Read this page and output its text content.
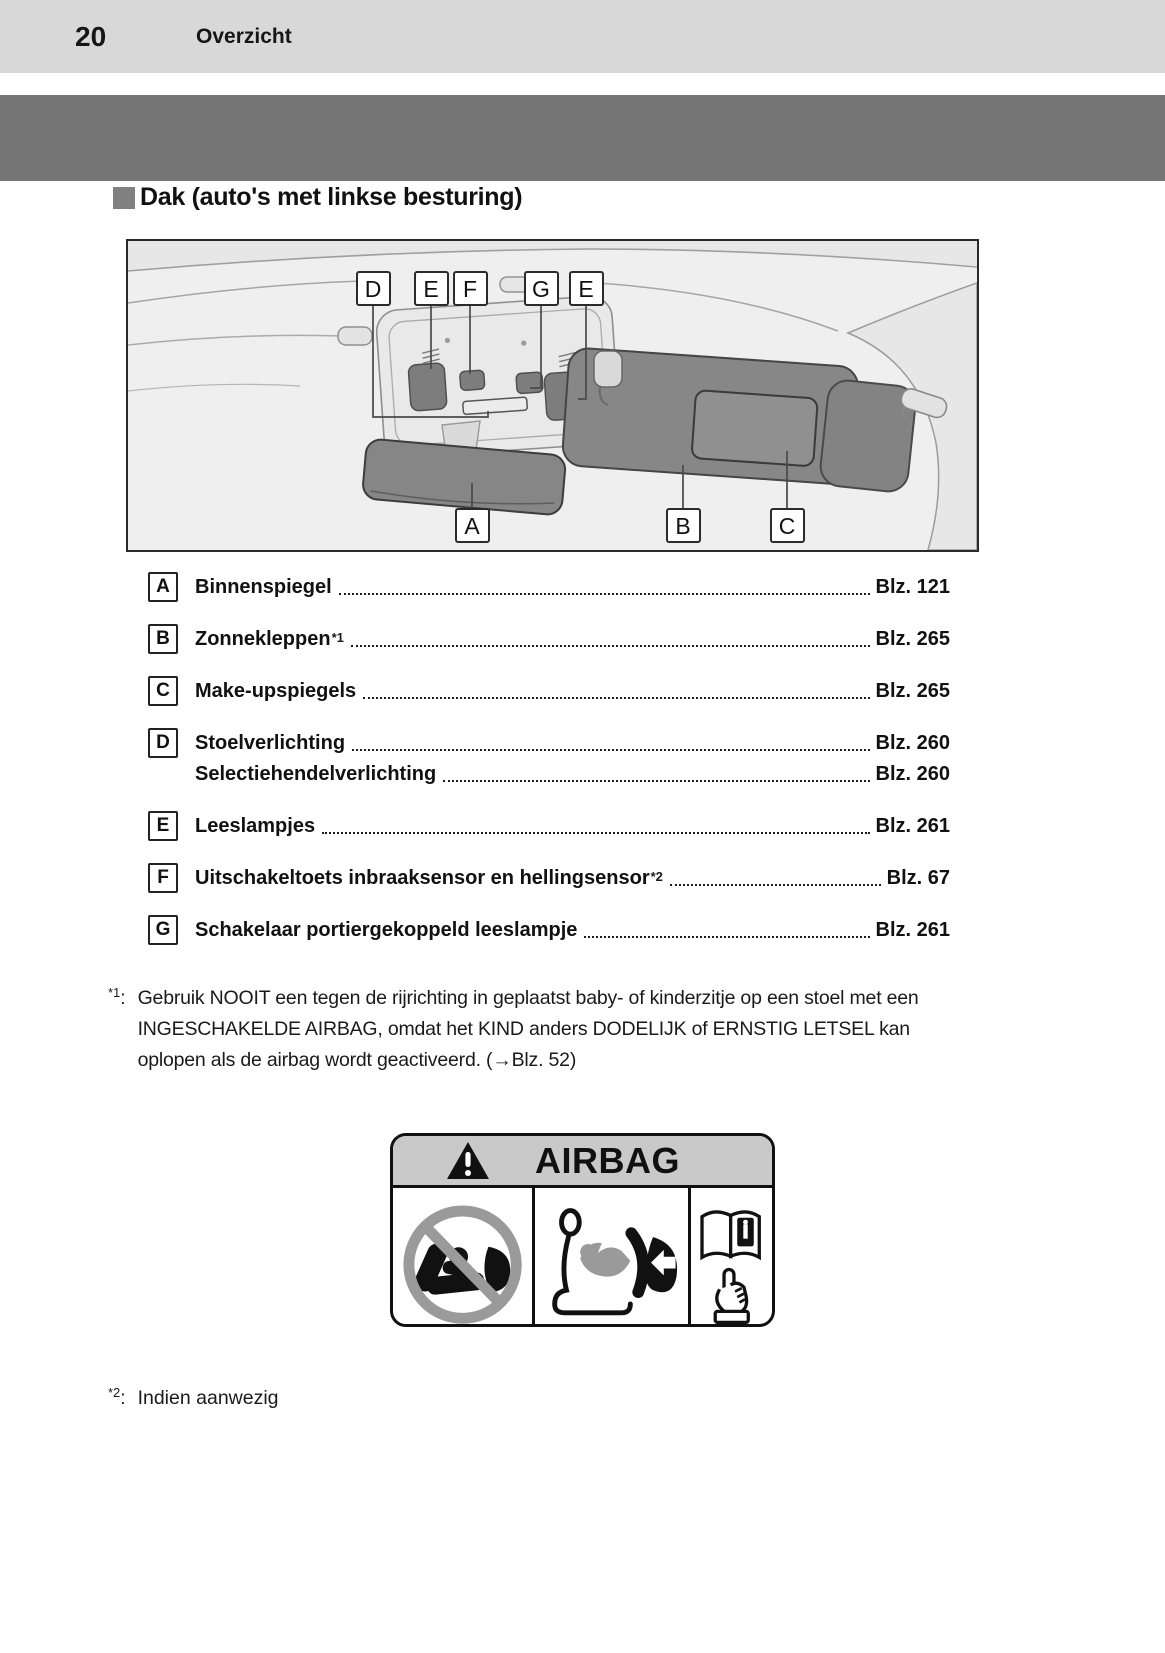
20	Overzicht
Dak (auto's met linkse besturing)
D E F G E
A	B	C
A	Binnenspiegel	Blz. 121
B	Zonnekleppen *1	Blz. 265
C	Make-upspiegels	Blz. 265
D	Stoelverlichting	Blz. 260
Selectiehendelverlichting	Blz. 260
E	Leeslampjes	Blz. 261
F	Uitschakeltoets inbraaksensor en hellingsensor *2	Blz. 67
G	Schakelaar portiergekoppeld leeslampje	Blz. 261
$^{*1}$: Gebruik NOOIT een tegen de rijrichting in geplaatst baby- of kinderzitje op een stoel met een
INGESCHAKELDE AIRBAG, omdat het KIND anders DODELIJK of ERNSTIG LETSEL kan
oplopen als de airbag wordt geactiveerd. (→Blz. 52)
AIRBAG
$^{*2}$: Indien aanwezig
